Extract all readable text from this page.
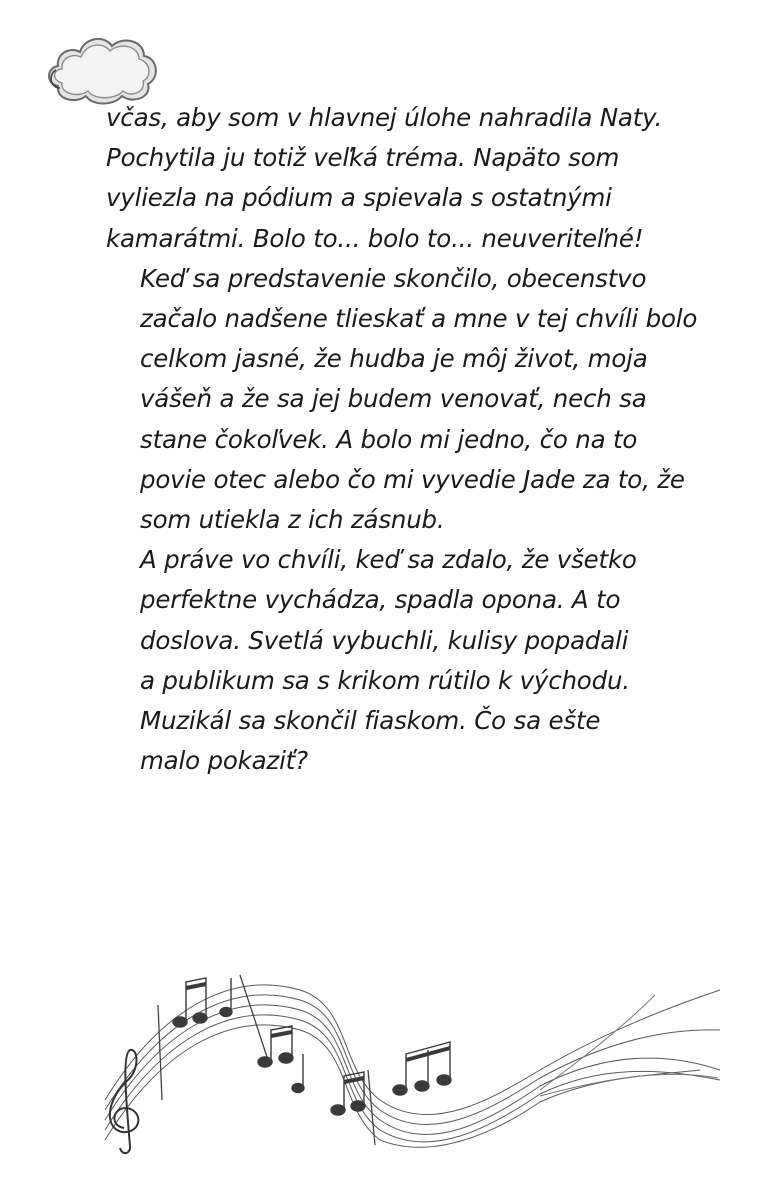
včas, aby som v hlavnej úlohe nahradila Naty.
Pochytila ju totiž veľká tréma. Napäto som
vyliezla na pódium a spievala s ostatnými
kamarátmi. Bolo to... bolo to... neuveriteľné!

Keď sa predstavenie skončilo, obecenstvo
začalo nadšene tlieskať a mne v tej chvíli bolo
celkom jasné, že hudba je môj život, moja
vášeň a že sa jej budem venovať, nech sa
stane čokoľvek. A bolo mi jedno, čo na to
povie otec alebo čo mi vyvedie Jade za to, že
som utiekla z ich zásnub.

A práve vo chvíli, keď sa zdalo, že všetko
perfektne vychádza, spadla opona. A to
doslova. Svetlá vybuchli, kulisy popadali
a publikum sa s krikom rútilo k východu.

Muzikál sa skončil fiaskom. Čo sa ešte
malo pokaziť?
